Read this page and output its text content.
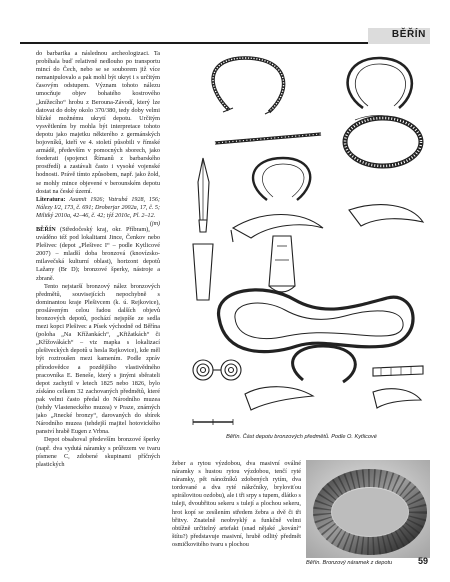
BĚŘÍN

do barbarika a následnou archeologizaci. Ta probíhala buď relativně nedlouho po transportu mincí do Čech, nebo se se souborem již více nemanipulovalo a pak mohl být ukryt i s určitým časovým odstupem. Význam tohoto nálezu umocňuje objev bohatého kostrového „knížecího“ hrobu z Berouna-Závodí, který lze datovat do doby okolo 370/380, tedy doby velmi blízké možnému ukrytí depotu. Určitým vysvětlením by mohla být interpretace tohoto depotu jako majetku některého z germánských bojovníků, kteří ve 4. století působili v římské armádě, především v pomocných sborech, jako foederati (spojenci Římanů z barbarského prostředí) a zastávali často i vysoké vojenské hodnosti. Právě tímto způsobem, např. jako žold, se mohly mince objevené v berounském depotu dostat na české území.

Literatura: Axamit 1926; Vatrubá 1928, 156; Nálezy I/2, 173, č. 691; Droberjar 2002a, 17, č. 5; Militký 2010a, 42–46, č. 42; týž 2010c, Pl. 2–12.
(jm)

BĚŘÍN (Středočeský kraj, okr. Příbram), uváděno též pod lokalitami Jince, Čenkov nebo Plešivec (depot „Plešivec I“ – podle Kytlicové 2007) – mladší doba bronzová (knovízsko-milavečská kulturní oblast), horizont depotů Lažany (Br D); bronzové šperky, nástroje a zbraně.

Tento nejstarší bronzový nález bronzových předmětů, souvisejících nepochybně s dominantou kraje Plešivcem (k. ú. Rejkovice), prosláveným celou řadou dalších objevů bronzových depotů, pochází nejspíše ze sedla mezi kopci Plešivec a Písek východně od Běřína (polohа „Na Křížankách“, „Křižatkách“ či „Křížovákách“ – viz mapka s lokalizací plešiveckých depotů u hesla Rejkovice), kde měl být roztroušen mezi kamením. Podle zpráv přírodovědce a pozdějšího vlastivědného pracovníka E. Beneše, který s jinými sběrateli depot zachytil v letech 1825 nebo 1826, bylo získáno celkem 32 zachovaných předmětů, které pak velmi často předal do Národního muzea (tehdy Vlasteneckého muzea) v Praze, známých jako „Jinecké bronzy“, darovaných do sbírek Národního muzea (tehdejší majitel hotovického panství hrabě Eugen z Vrbna.

Depot obsahoval především bronzové šperky (např. dva vydutá náramky s průřezem ve tvaru písmene C, zdobené skupinami příčných plastických	žeber a rytou výzdobou, dva masivní oválné náramky s hustou rytou výzdobou, tenčí ryté náramky, pět nánožníků zdobených rytím, dva tordované a dva ryté nákrčníky, bryloviťou spirálovitou ozdobu), ale i tři srpy s tupem, dlátko s tuleji, dvoubřitou sekeru s tulejí a plochou sekeru, hrot kopí se zesílením středem žebra a dvě či tři břitvy. Znatelně neobvyklý a funkčně velmi obtížně určitelný artefakt (snad nějaké „kování“ štítu?) představuje masivní, hrubě odlitý předmět osmičkovitého tvaru s plochou

Běřín. Část depotu bronzových předmětů. Podle O. Kytlicové
Běřín. Bronzový náramek z depotu	59
